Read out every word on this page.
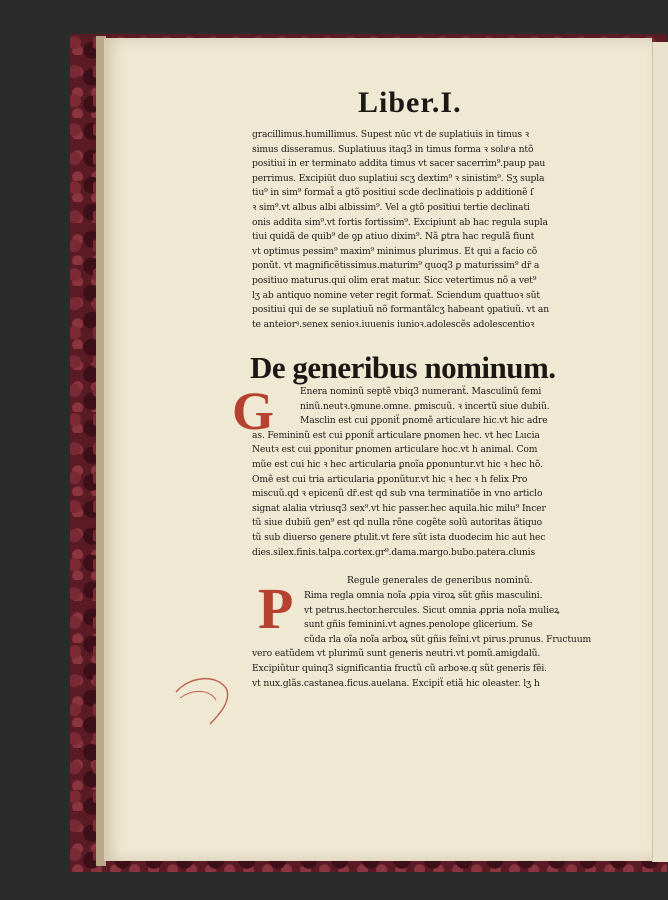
G
P
Liber.I.
gracillimus.humillimus. Supest nūc vt de suplatiuis in timus ꝛ
simus disseramus. Suplatiuus itaq3 in timus forma ꝛ soluͫ a ntõ
positiui in er terminato addita timus vt sacer sacerrim⁹.paup pau
perrimus. Excipiūt duo suplatiui scʒ dextim⁹ ꝛ sinistim⁹. Sʒ supla
tiu⁹ in sim⁹ formaẗ a gtõ positiui scde declinatiois p additionẽ ſ
ꝛ sim⁹.vt albus albi albissim⁹. Vel a gtõ positiui tertie declinati
onis addita sim⁹.vt fortis fortissim⁹. Excipiunt ab hac regula supla
tiui quidã de quib⁹ de ꝯp atiuo dixim⁹. Nã ꝑtra hac regulã fiunt
vt optimus pessim⁹ maxim⁹ minimus plurimus. Et qui a facio cõ
ponũt. vt magnificẽtissimus.maturim⁹ quoq3 ꝑ maturissim⁹ dr̃ a
positiuo maturus.qui olim erat matur. Sicc vetertimus nõ a vet⁹
lʒ ab antiquo nomine veter regit formaẗ. Sciendum quattuoꝛ sũt
positiui qui de se suplatiuũ nõ formantãlcʒ habeant ꝯpatiuũ. vt an
te anteiorꝰ.senex senioꝛ.iuuenis iunioꝛ.adolescẽs adolescentioꝛ
De generibus nominum.
Enera nominũ septẽ vbiq3 numeranẗ. Masculinũ femi
ninũ.neutꝛ.ꝯmune.omne. ꝑmiscuũ. ꝛ incertũ siue dubiũ.
Masclin est cui ꝑponiẗ ꝑnomẽ articulare hic.vt hic adre
as. Femininũ est cui ꝑponiẗ articulare ꝑnomen hec. vt hec Lucia
Neutꝛ est cui ꝑponitur ꝑnomen articulare hoc.vt h animal. Com
mũe est cui hic ꝛ hec articularia ꝑnoĩa ꝑponuntur.vt hic ꝛ hec hõ.
Omẽ est cui tria articularia ꝑponũtur.vt hic ꝛ hec ꝛ h felix Pro
miscuũ.qd ꝛ epicenũ dr̃.est qd sub vna terminatiõe in vno articlo
signat alalia vtriusq3 sex⁹.vt hic passer.hec aquila.hic milu⁹ Incer
tũ siue dubiũ gen⁹ est qd nulla rõne cogẽte solũ autoritas ãtiquo
tũ sub diuerso genere ꝑtulit.vt fere sũt ista duodecim hic aut hec
dies.silex.finis.talpa.cortex.gr⁹.dama.margo.bubo.patera.clunis
Regule generales de generibus nominũ.
Rima regla omnia noĩa ꝓpia viroꝝ sũt gñis masculini.
vt petrus.hector.hercules. Sicut omnia ꝓpria noĩa mulieꝝ
sunt gñis feminini.vt agnes.penolope glicerium. Se
cũda rla oĩa noĩa arboꝝ sũt gñis feĩni.vt pirus.prunus. Fructuum
vero eatũdem vt plurimũ sunt generis neutri.vt pomũ.amigdalũ.
Excipiũtur quinq3 significantia fructũ cũ arboꝛe.q sũt generis fẽi.
vt nux.glãs.castanea.ficus.auelana. Excipiẗ etiã hic oleaster. lʒ h
